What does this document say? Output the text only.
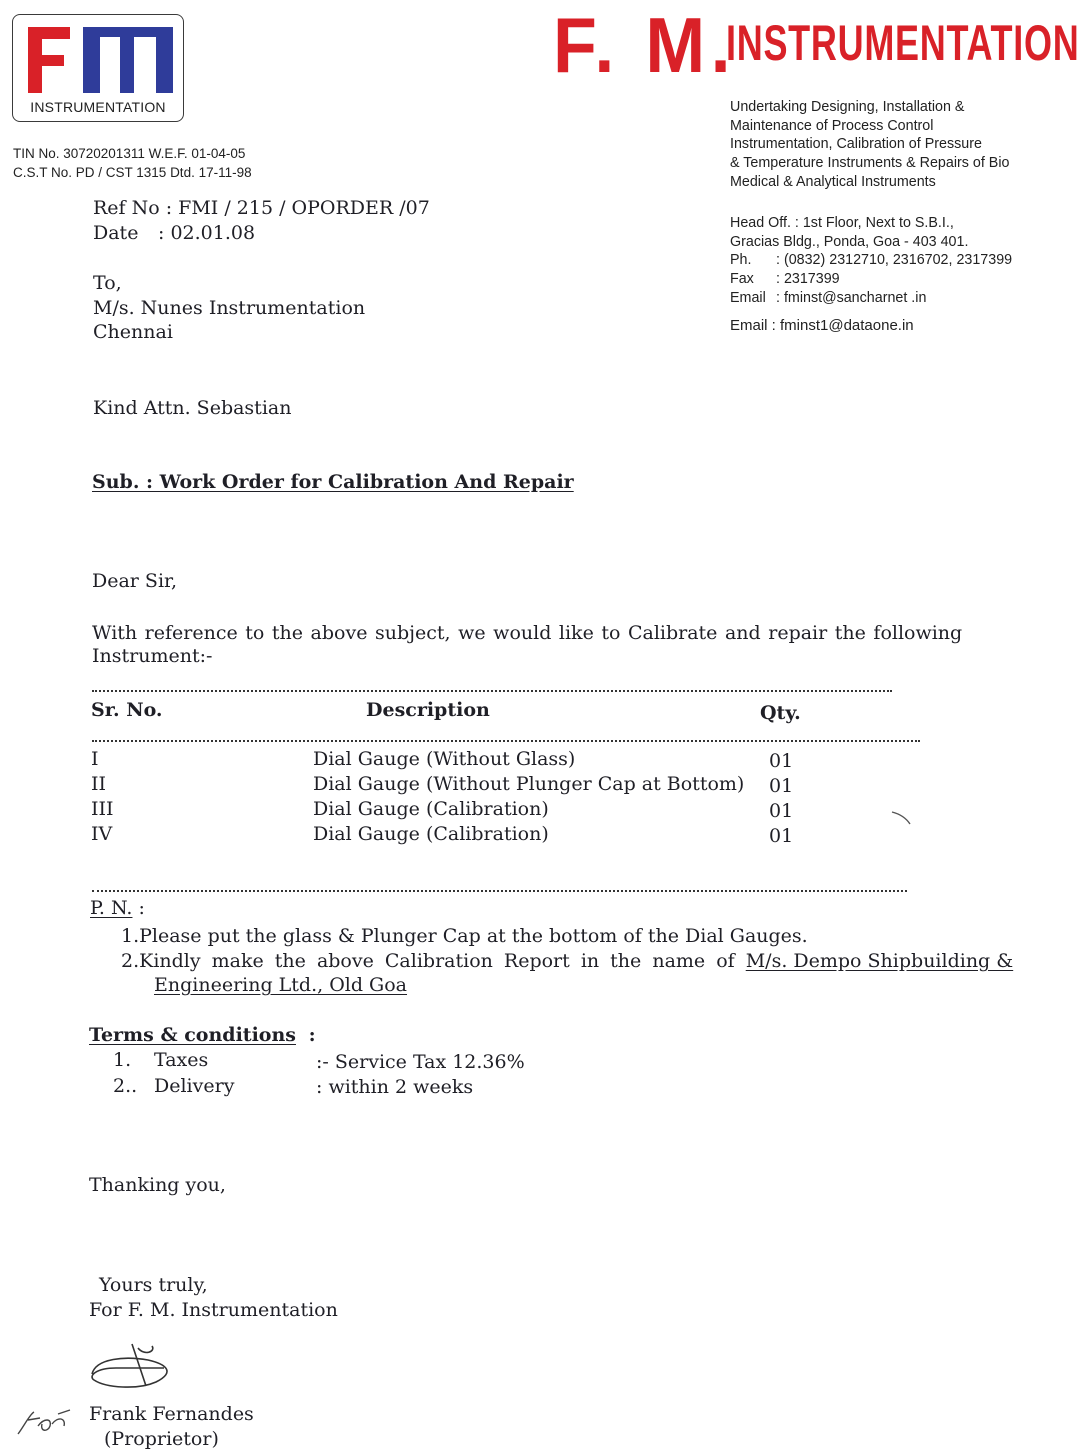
INSTRUMENTATION
TIN No. 30720201311 W.E.F. 01-04-05
C.S.T No. PD / CST 1315 Dtd. 17-11-98
F. M.
INSTRUMENTATION
Undertaking Designing, Installation &
Maintenance of Process Control
Instrumentation, Calibration of Pressure
& Temperature Instruments & Repairs of Bio
Medical & Analytical Instruments
Head Off. : 1st Floor, Next to S.B.I.,
Gracias Bldg., Ponda, Goa - 403 401.
Ph. : (0832) 2312710, 2316702, 2317399
Fax : 2317399
Email : fminst@sancharnet .in
Email : fminst1@dataone.in
Ref No : FMI / 215 / OPORDER /07
Date : 02.01.08
To,
M/s. Nunes Instrumentation
Chennai
Kind Attn. Sebastian
Sub. : Work Order for Calibration And Repair
Dear Sir,
With reference to the above subject, we would like to Calibrate and repair the following
Instrument:-
Sr. No.	Description	Qty.
I	Dial Gauge (Without Glass)	01
II	Dial Gauge (Without Plunger Cap at Bottom) 01
III	Dial Gauge (Calibration)	01
IV	Dial Gauge (Calibration)	01
P. N. :
1.Please put the glass & Plunger Cap at the bottom of the Dial Gauges.
2.Kindly make the above Calibration Report in the name of M/s. Dempo Shipbuilding &
Engineering Ltd., Old Goa
Terms & conditions :
1. Taxes	:- Service Tax 12.36%
2.. Delivery	: within 2 weeks
Thanking you,
Yours truly,
For F. M. Instrumentation
Frank Fernandes
(Proprietor)
